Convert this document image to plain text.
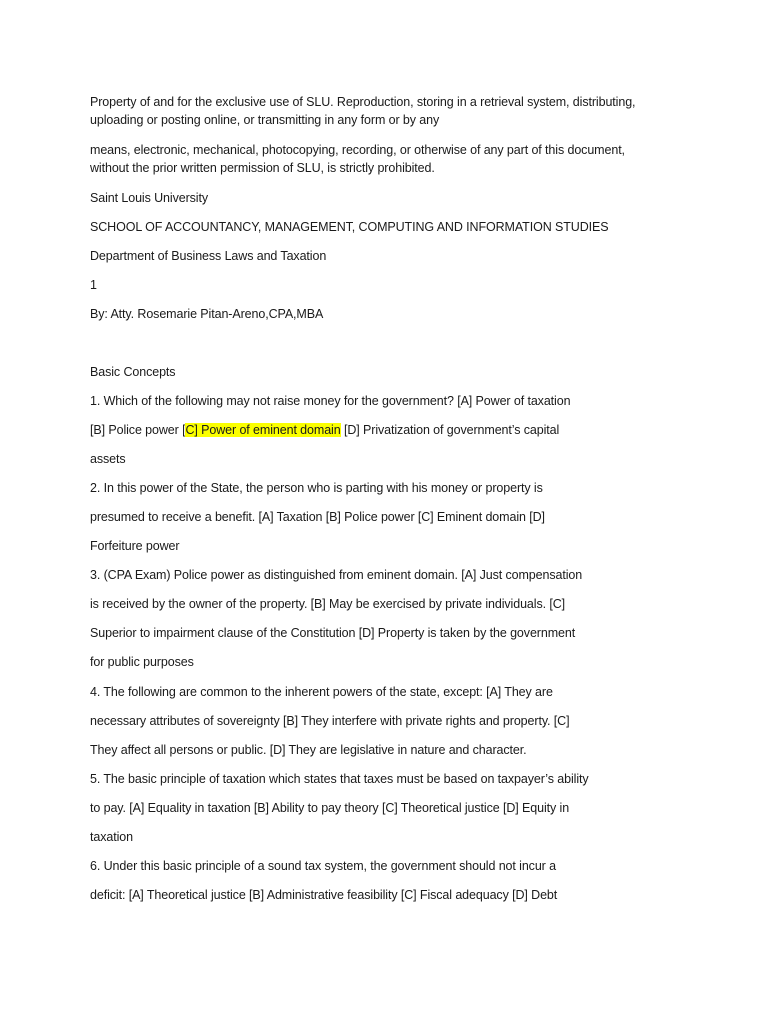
Property of and for the exclusive use of SLU. Reproduction, storing in a retrieval system, distributing,
uploading or posting online, or transmitting in any form or by any
means, electronic, mechanical, photocopying, recording, or otherwise of any part of this document,
without the prior written permission of SLU, is strictly prohibited.
Saint Louis University
SCHOOL OF ACCOUNTANCY, MANAGEMENT, COMPUTING AND INFORMATION STUDIES
Department of Business Laws and Taxation
1
By: Atty. Rosemarie Pitan-Areno,CPA,MBA
Basic Concepts
1. Which of the following may not raise money for the government? [A] Power of taxation
[B] Police power [C] Power of eminent domain [D] Privatization of government’s capital
assets
2. In this power of the State, the person who is parting with his money or property is
presumed to receive a benefit. [A] Taxation [B] Police power [C] Eminent domain [D]
Forfeiture power
3. (CPA Exam) Police power as distinguished from eminent domain. [A] Just compensation
is received by the owner of the property. [B] May be exercised by private individuals. [C]
Superior to impairment clause of the Constitution [D] Property is taken by the government
for public purposes
4. The following are common to the inherent powers of the state, except: [A] They are
necessary attributes of sovereignty [B] They interfere with private rights and property. [C]
They affect all persons or public. [D] They are legislative in nature and character.
5. The basic principle of taxation which states that taxes must be based on taxpayer’s ability
to pay. [A] Equality in taxation [B] Ability to pay theory [C] Theoretical justice [D] Equity in
taxation
6. Under this basic principle of a sound tax system, the government should not incur a
deficit: [A] Theoretical justice [B] Administrative feasibility [C] Fiscal adequacy [D] Debt
